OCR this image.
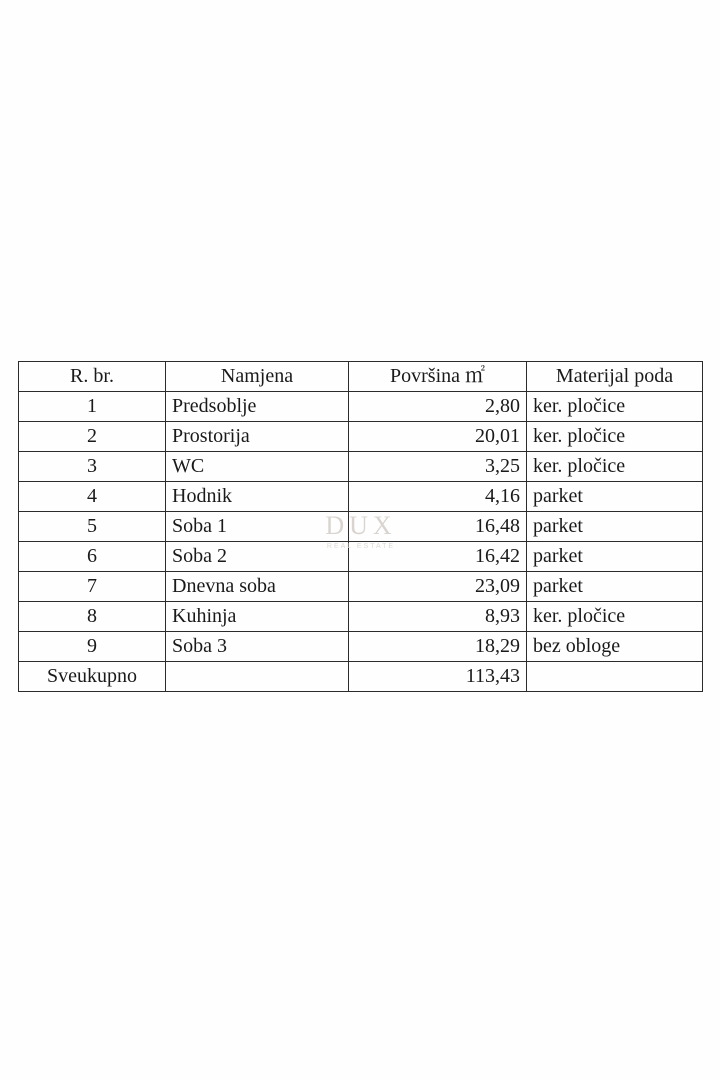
R. br.	Namjena	Površina ㎡	Materijal poda
1	Predsoblje	2,80	ker. pločice
2	Prostorija	20,01	ker. pločice
3	WC	3,25	ker. pločice
4	Hodnik	4,16	parket
5	Soba 1	16,48	parket
6	Soba 2	16,42	parket
7	Dnevna soba	23,09	parket
8	Kuhinja	8,93	ker. pločice
9	Soba 3	18,29	bez obloge
Sveukupno		113,43	
DUX
REAL ESTATE
